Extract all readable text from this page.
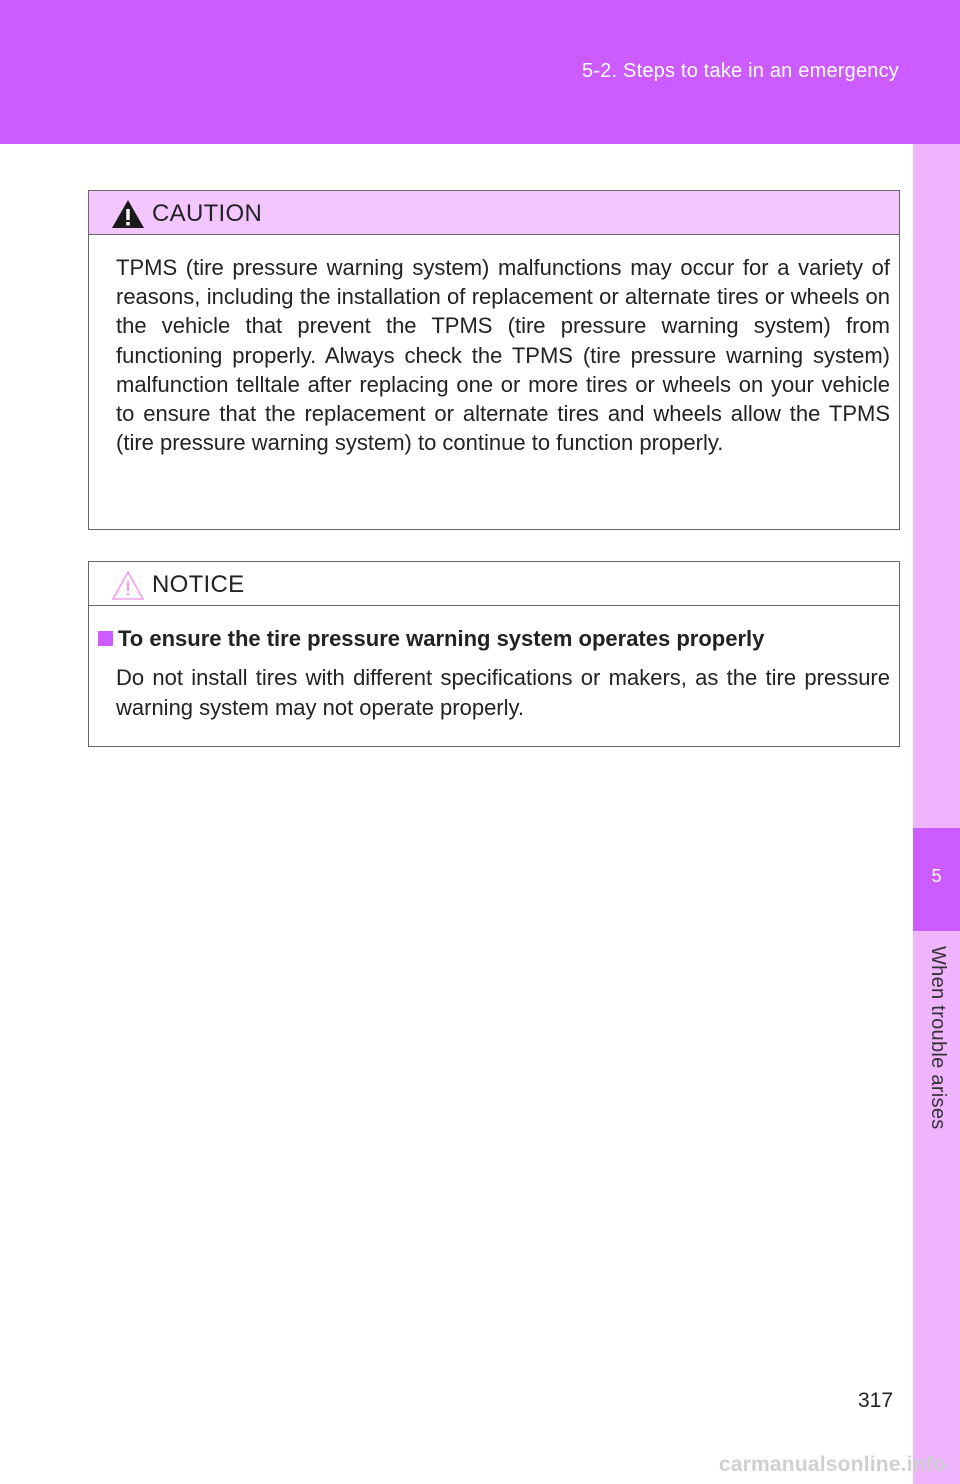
5-2. Steps to take in an emergency
5
When trouble arises
CAUTION
TPMS (tire pressure warning system) malfunctions may occur for a variety of reasons, including the installation of replacement or alternate tires or wheels on the vehicle that prevent the TPMS (tire pressure warning system) from functioning properly. Always check the TPMS (tire pressure warning system) malfunction telltale after replacing one or more tires or wheels on your vehicle to ensure that the replacement or alternate tires and wheels allow the TPMS (tire pressure warning system) to continue to function properly.
NOTICE
To ensure the tire pressure warning system operates properly
Do not install tires with different specifications or makers, as the tire pressure warning system may not operate properly.
317
carmanualsonline.info
